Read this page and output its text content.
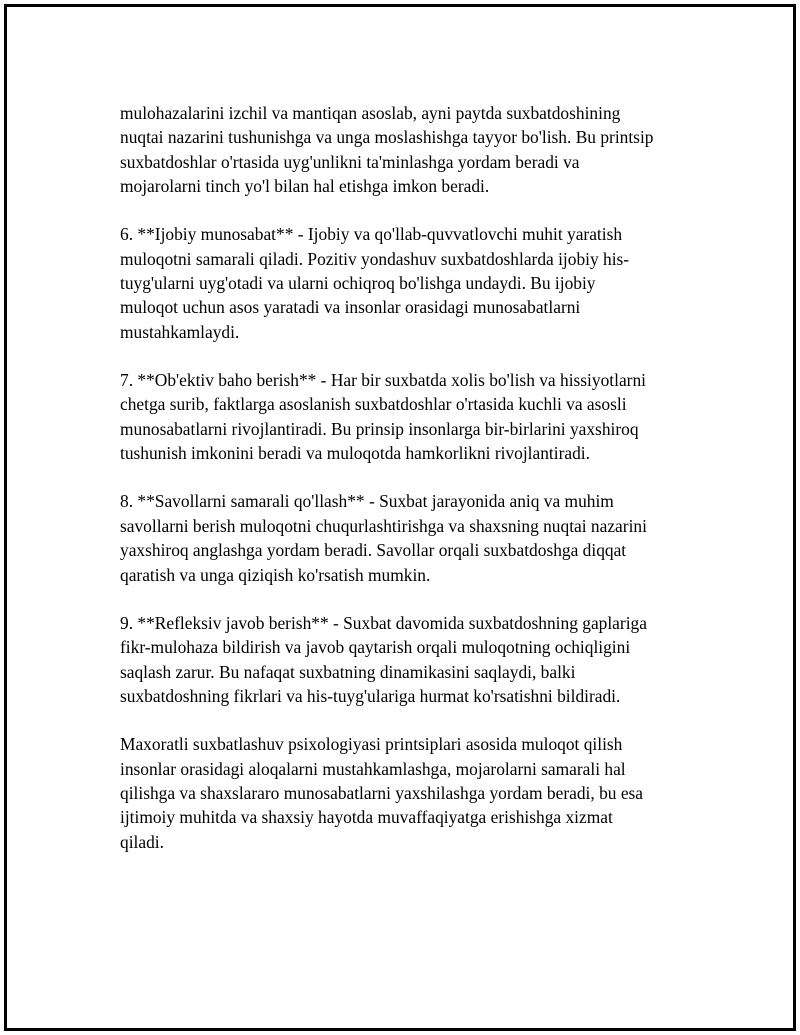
mulohazalarini izchil va mantiqan asoslab, ayni paytda suxbatdoshining
nuqtai nazarini tushunishga va unga moslashishga tayyor bo'lish. Bu printsip
suxbatdoshlar o'rtasida uyg'unlikni ta'minlashga yordam beradi va
mojarolarni tinch yo'l bilan hal etishga imkon beradi.

6. **Ijobiy munosabat** - Ijobiy va qo'llab-quvvatlovchi muhit yaratish
muloqotni samarali qiladi. Pozitiv yondashuv suxbatdoshlarda ijobiy his-
tuyg'ularni uyg'otadi va ularni ochiqroq bo'lishga undaydi. Bu ijobiy
muloqot uchun asos yaratadi va insonlar orasidagi munosabatlarni
mustahkamlaydi.

7. **Ob'ektiv baho berish** - Har bir suxbatda xolis bo'lish va hissiyotlarni
chetga surib, faktlarga asoslanish suxbatdoshlar o'rtasida kuchli va asosli
munosabatlarni rivojlantiradi. Bu prinsip insonlarga bir-birlarini yaxshiroq
tushunish imkonini beradi va muloqotda hamkorlikni rivojlantiradi.

8. **Savollarni samarali qo'llash** - Suxbat jarayonida aniq va muhim
savollarni berish muloqotni chuqurlashtirishga va shaxsning nuqtai nazarini
yaxshiroq anglashga yordam beradi. Savollar orqali suxbatdoshga diqqat
qaratish va unga qiziqish ko'rsatish mumkin.

9. **Refleksiv javob berish** - Suxbat davomida suxbatdoshning gaplariga
fikr-mulohaza bildirish va javob qaytarish orqali muloqotning ochiqligini
saqlash zarur. Bu nafaqat suxbatning dinamikasini saqlaydi, balki
suxbatdoshning fikrlari va his-tuyg'ulariga hurmat ko'rsatishni bildiradi.

Maxoratli suxbatlashuv psixologiyasi printsiplari asosida muloqot qilish
insonlar orasidagi aloqalarni mustahkamlashga, mojarolarni samarali hal
qilishga va shaxslararo munosabatlarni yaxshilashga yordam beradi, bu esa
ijtimoiy muhitda va shaxsiy hayotda muvaffaqiyatga erishishga xizmat
qiladi.
